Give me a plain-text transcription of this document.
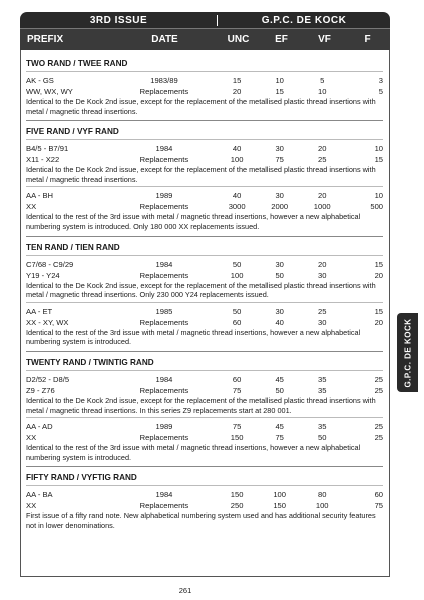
3RD ISSUE	G.P.C. DE KOCK
PREFIX	DATE	UNC	EF	VF	F
TWO RAND / TWEE RAND
AK - GS	1983/89	15	10	5	3
WW, WX, WY	Replacements	20	15	10	5
Identical to the De Kock 2nd issue, except for the replacement of the metallised plastic thread insertions with metal / magnetic thread insertions.
FIVE RAND / VYF RAND
B4/5 - B7/91	1984	40	30	20	10
X11 - X22	Replacements	100	75	25	15
Identical to the De Kock 2nd issue, except for the replacement of the metallised plastic thread insertions with metal / magnetic thread insertions.
AA - BH	1989	40	30	20	10
XX	Replacements	3000	2000	1000	500
Identical to the rest of the 3rd issue with metal / magnetic thread insertions, however a new alphabetical numbering system is introduced. Only 180 000 XX replacements issued.
TEN RAND / TIEN RAND
C7/68 - C9/29	1984	50	30	20	15
Y19 - Y24	Replacements	100	50	30	20
Identical to the De Kock 2nd issue, except for the replacement of the metallised plastic thread insertions with metal / magnetic thread insertions. Only 230 000 Y24 replacements issued.
AA - ET	1985	50	30	25	15
XX - XY, WX	Replacements	60	40	30	20
Identical to the rest of the 3rd issue with metal / magnetic thread insertions, however a new alphabetical numbering system is introduced.
TWENTY RAND / TWINTIG RAND
D2/52 - D8/5	1984	60	45	35	25
Z9 - Z76	Replacements	75	50	35	25
Identical to the De Kock 2nd issue, except for the replacement of the metallised plastic thread insertions with metal / magnetic thread insertions. In this series Z9 replacements start at 280 001.
AA - AD	1989	75	45	35	25
XX	Replacements	150	75	50	25
Identical to the rest of the 3rd issue with metal / magnetic thread insertions, however a new alphabetical numbering system is introduced.
FIFTY RAND / VYFTIG RAND
AA - BA	1984	150	100	80	60
XX	Replacements	250	150	100	75
First issue of a fifty rand note. New alphabetical numbering system used and has additional security features not in lower denominations.
261
G.P.C. DE KOCK
